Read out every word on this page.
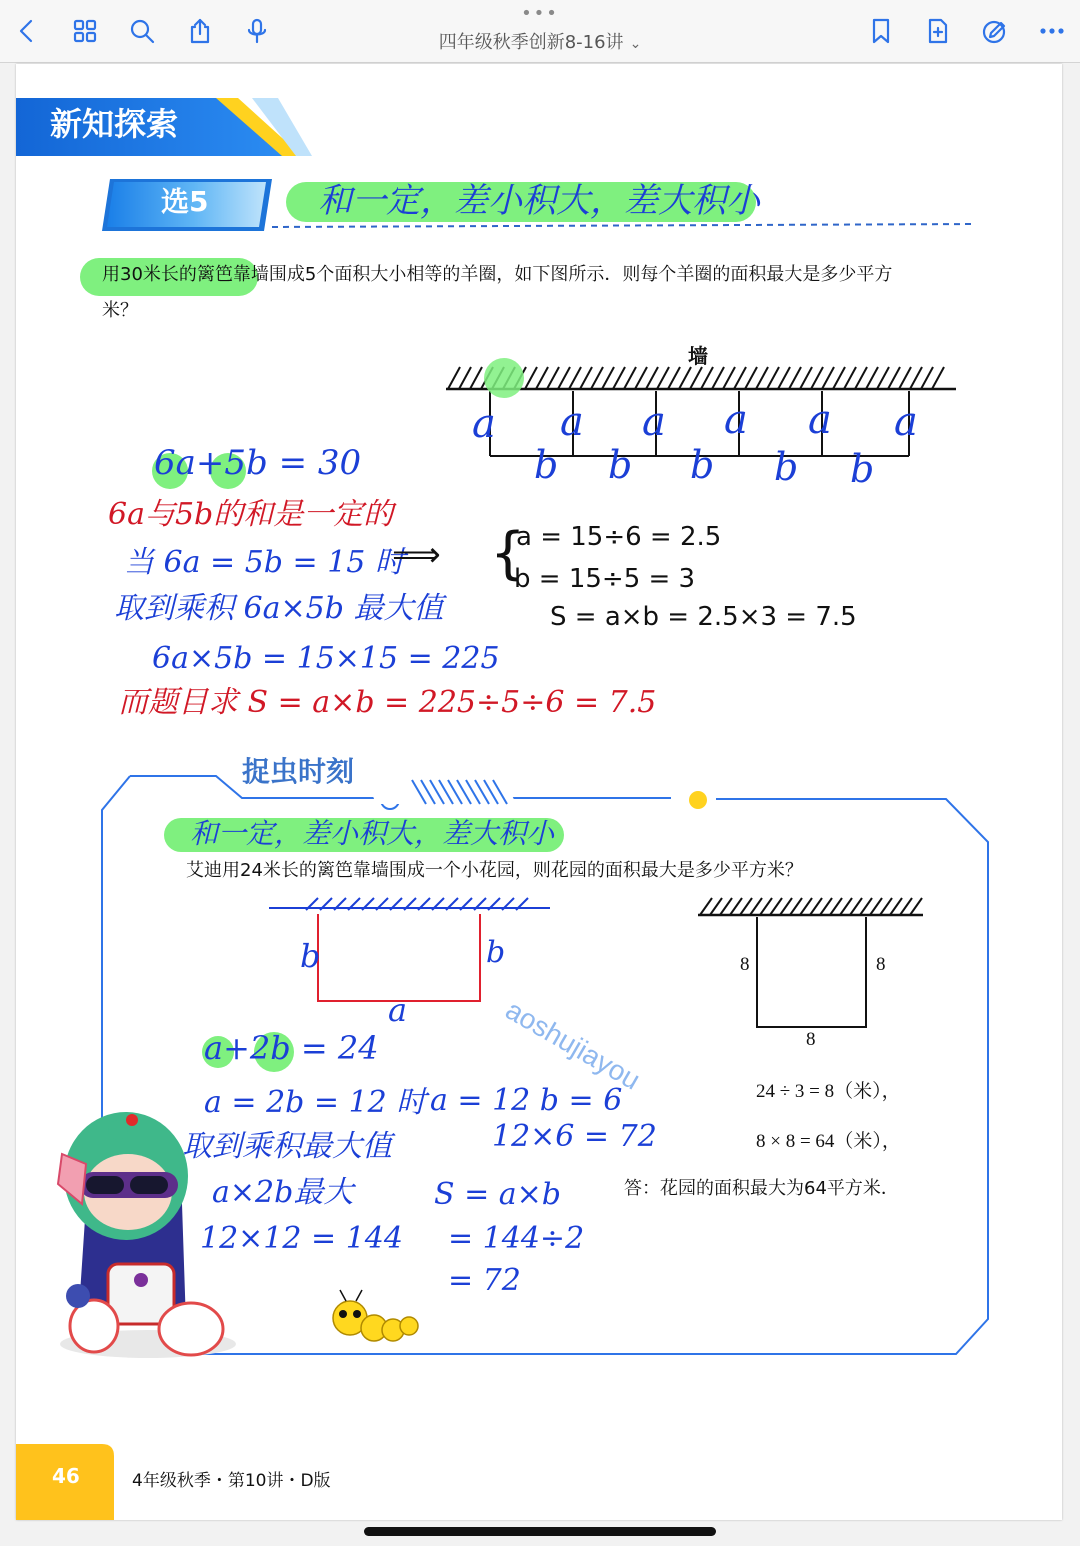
•••
四年级秋季创新8-16讲 ⌄
新知探索
选5	和一定，差小积大，差大积小
用30米长的篱笆靠墙围成5个面积大小相等的羊圈，如下图所示．则每个羊圈的面积最大是多少平方
米？
墙
a a a a a a
b b b b b
6a+5b = 30
6a与5b的和是一定的
当 6a = 5b = 15 时
取到乘积 6a×5b 最大值
6a×5b = 15×15 = 225
而题目求 S = a×b = 225÷5÷6 = 7.5
⟹ {
a = 15÷6 = 2.5
b = 15÷5 = 3
S = a×b = 2.5×3 = 7.5
捉虫时刻
和一定，差小积大，差大积小
艾迪用24米长的篱笆靠墙围成一个小花园，则花园的面积最大是多少平方米？
b	b
a
8	8
8
24 ÷ 3 = 8（米），
8 × 8 = 64（米），
答：花园的面积最大为64平方米．
a+2b = 24
a = 2b = 12 时
取到乘积最大值
a×2b最大
12×12 = 144
a = 12 b = 6
12×6 = 72
S = a×b
= 144÷2
= 72
aoshujiayou
46	4年级秋季・第10讲・D版
